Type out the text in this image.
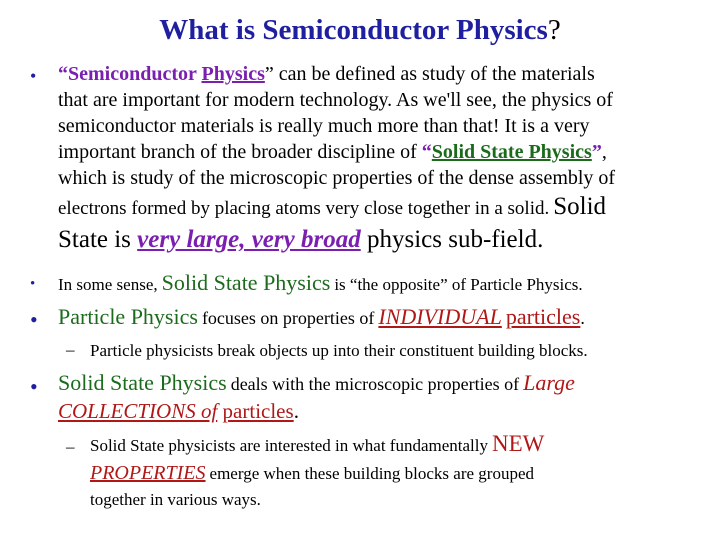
What is Semiconductor Physics?
• “Semiconductor Physics” can be defined as study of the materials
that are important for modern technology. As we'll see, the physics of
semiconductor materials is really much more than that! It is a very
important branch of the broader discipline of “Solid State Physics”,
which is study of the microscopic properties of the dense assembly of
electrons formed by placing atoms very close together in a solid. Solid
State is very large, very broad physics sub-field.
• In some sense, Solid State Physics is “the opposite” of Particle Physics.
• Particle Physics focuses on properties of INDIVIDUAL particles.
– Particle physicists break objects up into their constituent building blocks.
• Solid State Physics deals with the microscopic properties of Large
COLLECTIONS of particles.
– Solid State physicists are interested in what fundamentally NEW
PROPERTIES emerge when these building blocks are grouped
together in various ways.
